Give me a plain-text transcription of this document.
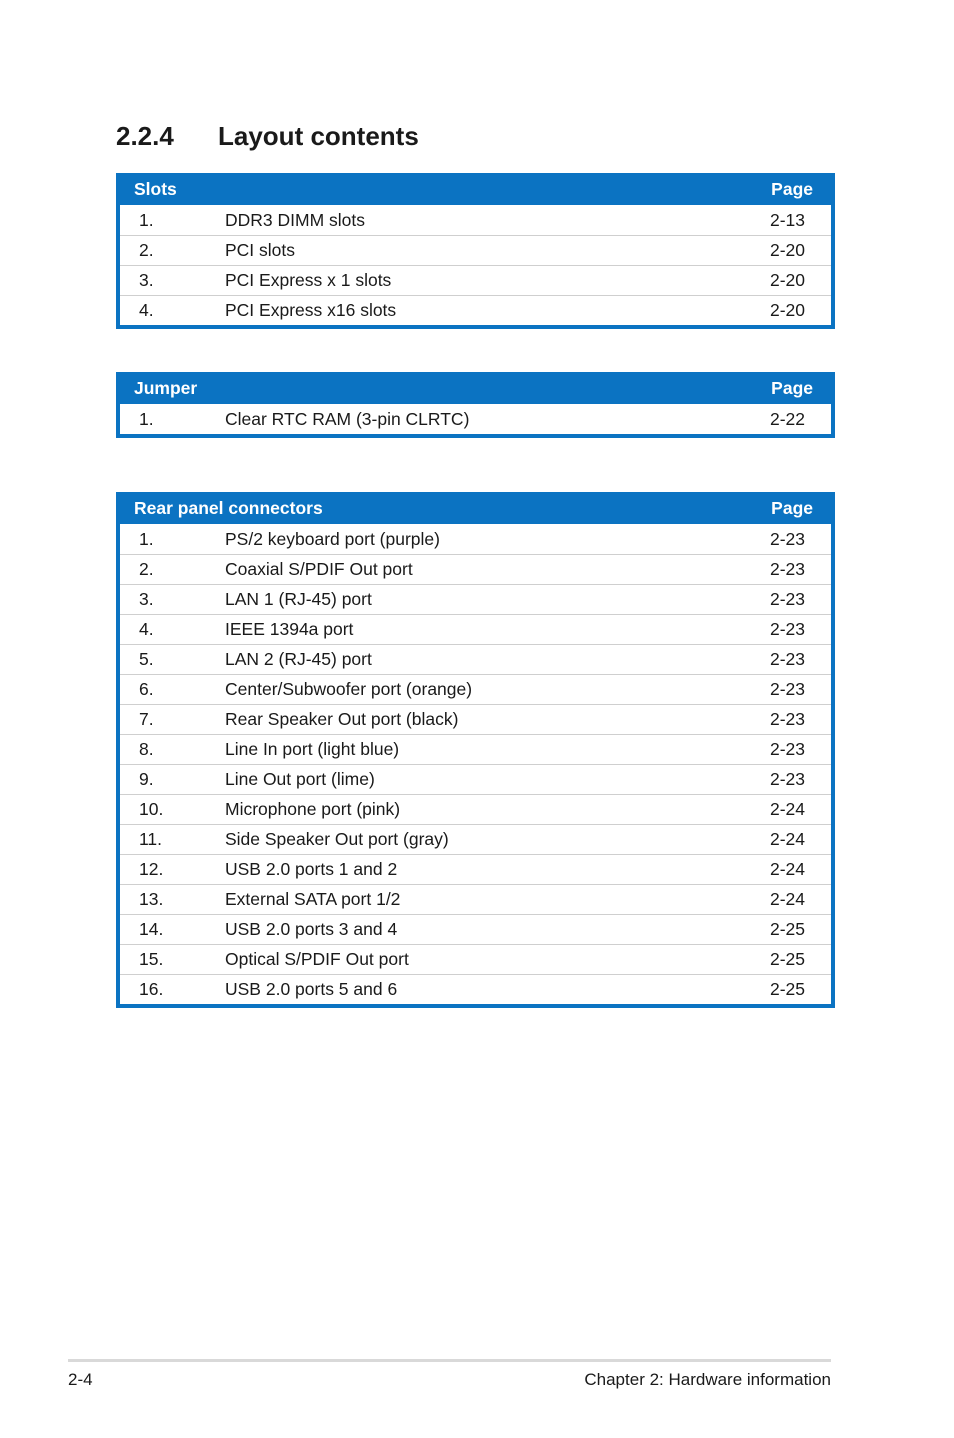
2.2.4 Layout contents
Slots	Page
1.	DDR3 DIMM slots	2-13
2.	PCI slots	2-20
3.	PCI Express x 1 slots	2-20
4.	PCI Express x16 slots	2-20
Jumper	Page
1.	Clear RTC RAM (3-pin CLRTC)	2-22
Rear panel connectors	Page
1.	PS/2 keyboard port (purple)	2-23
2.	Coaxial S/PDIF Out port	2-23
3.	LAN 1 (RJ-45) port	2-23
4.	IEEE 1394a port	2-23
5.	LAN 2 (RJ-45) port	2-23
6.	Center/Subwoofer port (orange)	2-23
7.	Rear Speaker Out port (black)	2-23
8.	Line In port (light blue)	2-23
9.	Line Out port (lime)	2-23
10.	Microphone port (pink)	2-24
11.	Side Speaker Out port (gray)	2-24
12.	USB 2.0 ports 1 and 2	2-24
13.	External SATA port 1/2	2-24
14.	USB 2.0 ports 3 and 4	2-25
15.	Optical S/PDIF Out port	2-25
16.	USB 2.0 ports 5 and 6	2-25
2-4	Chapter 2: Hardware information
